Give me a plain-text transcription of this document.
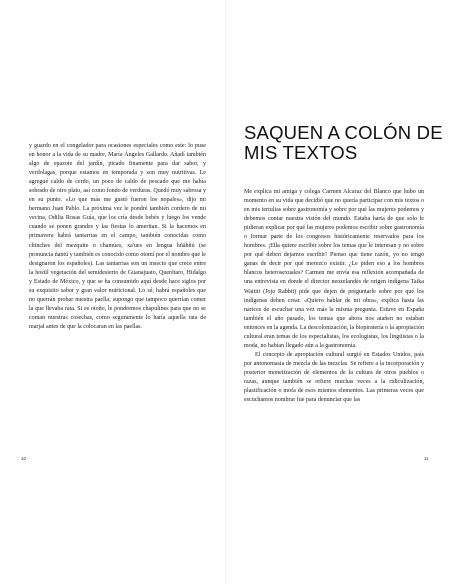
y guardo en el congelador para ocasiones especiales como este: lo puse en honor a la vida de su madre, María Ángeles Gallardo. Añadí también algo de epazote del jardín, picado finamente para dar sabor, y verdolagas, porque estamos en temporada y son muy nutritivas. Le agregué caldo de cerdo, un poco de caldo de pescado que me había sobrado de otro plato, así como fondo de verduras. Quedó muy sabrosa y en su punto. «Lo que más me gustó fueron los nopales», dijo mi hermano Juan Pablo. La próxima vez le pondré también cordero de mi vecina, Odilia Rosas Guía, que los cría desde bebés y luego los vende cuando se ponen grandes y las fiestas lo ameritan. Si la hacemos en primavera habrá tantarrias en el campo, también conocidas como chinches del mezquite o chamúes, xa'ues en lengua hñähñú (se pronuncia ñantú y también es conocido como otomí por el nombre que le designaron los españoles). Las tantarrias son un insecto que crece entre la hostil vegetación del semidesierto de Guanajuato, Querétaro, Hidalgo y Estado de México, y que se ha consumido aquí desde hace siglos por su exquisito sabor y gran valor nutricional. Lo sé, habrá españoles que no querrán probar nuestra paella; supongo que tampoco querrían comer la que llevaba rata. Si es otoño, le pondremos chapulines para que no se coman nuestras cosechas, como seguramente lo haría aquella rata de marjal antes de que la colocaran en las paellas.

10
SAQUEN A COLÓN DE
MIS TEXTOS

Me explica mi amiga y colega Carmen Alcaraz del Blanco que hubo un momento en su vida que decidió que no quería participar con mis textos o en mis tertulias sobre gastronomía y sobre por qué las mujeres podemos y debemos contar nuestra visión del mundo. Estaba harta de que solo le pidieran explicar por qué las mujeres podemos escribir sobre gastronomía o formar parte de los congresos históricamente reservados para los hombres. ¡Ella quiere escribir sobre los temas que le interesan y no sobre por qué deben dejarnos escribir! Pienso que tiene razón, yo no tengo ganas de decir por qué merezco existir. ¿Le piden eso a los hombres blancos heterosexuales? Carmen me envía esa reflexión acompañada de una entrevista en donde el director neozelandés de origen indígena Taika Waititi (Jojo Rabbit) pide que dejen de preguntarle sobre por qué los indígenas deben crear. «Quiero hablar de mi obra», explica hasta las narices de escuchar una vez más la misma pregunta. Estuve en España también el año pasado, los temas que ahora nos atañen no estaban entonces en la agenda. La descolonización, la biopiratería o la apropiación cultural eran temas de los especialistas, los ecologistas, los lingüistas o la moda, no habían llegado aún a la gastronomía.

El concepto de apropiación cultural surgió en Estados Unidos, país por antonomasia de mezcla de las mezclas. Se refiere a la incorporación y posterior monetización de elementos de la cultura de otros pueblos o razas, aunque también se refiere muchas veces a la ridiculización, plastificación o mofa de esos mismos elementos. Las primeras veces que escuchamos nombrar fue para denunciar que las

11
